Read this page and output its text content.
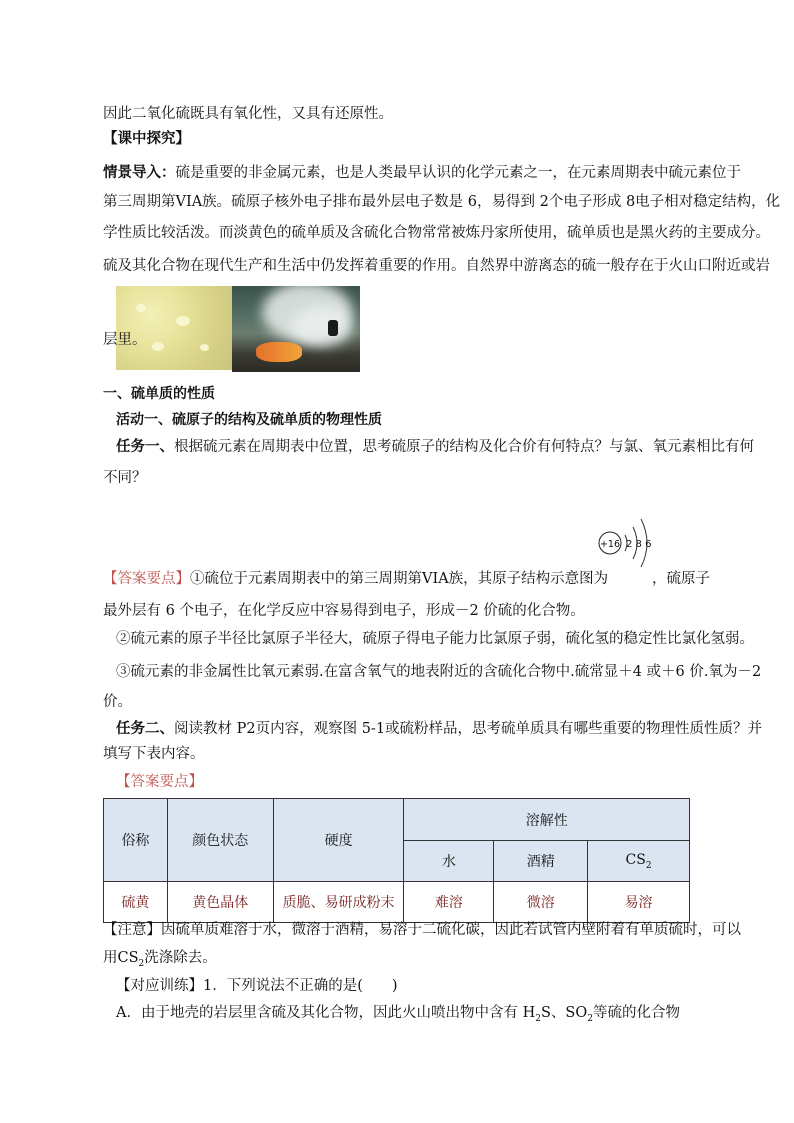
因此二氧化硫既具有氧化性，又具有还原性。
【课中探究】
情景导入：硫是重要的非金属元素，也是人类最早认识的化学元素之一，在元素周期表中硫元素位于
第三周期第VIA族。硫原子核外电子排布最外层电子数是 6，易得到 2个电子形成 8电子相对稳定结构，化
学性质比较活泼。而淡黄色的硫单质及含硫化合物常常被炼丹家所使用，硫单质也是黑火药的主要成分。
硫及其化合物在现代生产和生活中仍发挥着重要的作用。自然界中游离态的硫一般存在于火山口附近或岩
层里。
一、硫单质的性质
活动一、硫原子的结构及硫单质的物理性质
任务一、根据硫元素在周期表中位置，思考硫原子的结构及化合价有何特点？与氯、氧元素相比有何
不同？
+16 2 8 6
【答案要点】①硫位于元素周期表中的第三周期第VIA族，其原子结构示意图为	，硫原子
最外层有 6 个电子，在化学反应中容易得到电子，形成－2 价硫的化合物。
②硫元素的原子半径比氯原子半径大，硫原子得电子能力比氯原子弱，硫化氢的稳定性比氯化氢弱。
③硫元素的非金属性比氧元素弱.在富含氧气的地表附近的含硫化合物中.硫常显＋4 或＋6 价.氧为－2
价。
任务二、阅读教材 P2页内容，观察图 5-1或硫粉样品，思考硫单质具有哪些重要的物理性质性质？并
填写下表内容。
【答案要点】
俗称	颜色状态	硬度	溶解性		
			水	酒精	$CS_2$
硫黄	黄色晶体	质脆、易研成粉末	难溶	微溶	易溶
【注意】因硫单质难溶于水，微溶于酒精，易溶于二硫化碳，因此若试管内壁附着有单质硫时，可以
用$CS_2$洗涤除去。
【对应训练】1．下列说法不正确的是(　　)
A．由于地壳的岩层里含硫及其化合物，因此火山喷出物中含有 $H_2S$、$SO_2$等硫的化合物
